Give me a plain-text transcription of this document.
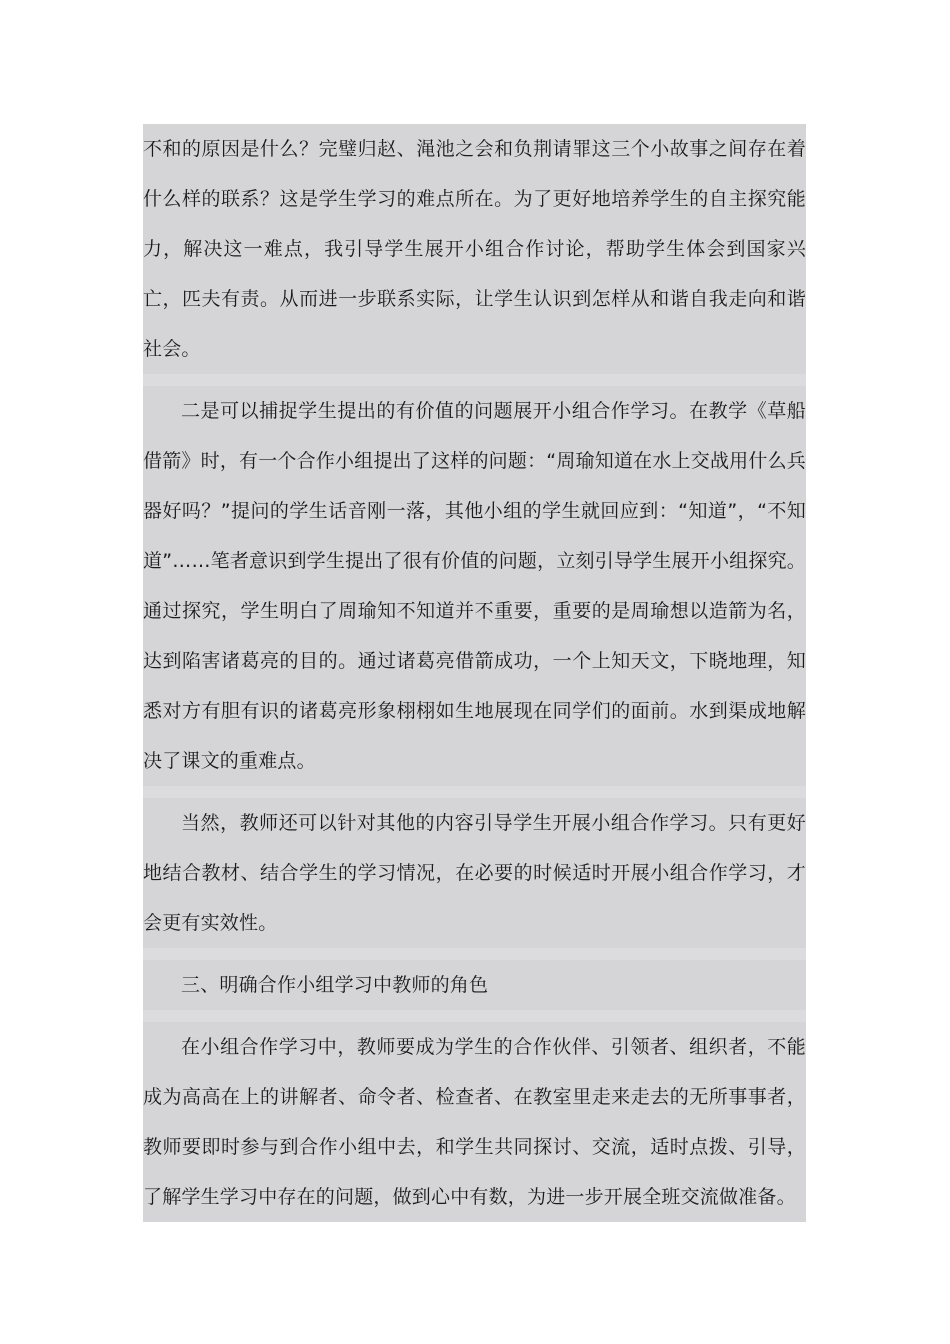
不和的原因是什么？完璧归赵、渑池之会和负荆请罪这三个小故事之间存在着什么样的联系？这是学生学习的难点所在。为了更好地培养学生的自主探究能力，解决这一难点，我引导学生展开小组合作讨论，帮助学生体会到国家兴亡，匹夫有责。从而进一步联系实际，让学生认识到怎样从和谐自我走向和谐社会。

二是可以捕捉学生提出的有价值的问题展开小组合作学习。在教学《草船借箭》时，有一个合作小组提出了这样的问题：“周瑜知道在水上交战用什么兵器好吗？”提问的学生话音刚一落，其他小组的学生就回应到：“知道”，“不知道”……笔者意识到学生提出了很有价值的问题，立刻引导学生展开小组探究。通过探究，学生明白了周瑜知不知道并不重要，重要的是周瑜想以造箭为名，达到陷害诸葛亮的目的。通过诸葛亮借箭成功，一个上知天文，下晓地理，知悉对方有胆有识的诸葛亮形象栩栩如生地展现在同学们的面前。水到渠成地解决了课文的重难点。

当然，教师还可以针对其他的内容引导学生开展小组合作学习。只有更好地结合教材、结合学生的学习情况，在必要的时候适时开展小组合作学习，才会更有实效性。

三、明确合作小组学习中教师的角色

在小组合作学习中，教师要成为学生的合作伙伴、引领者、组织者，不能成为高高在上的讲解者、命令者、检查者、在教室里走来走去的无所事事者，教师要即时参与到合作小组中去，和学生共同探讨、交流，适时点拨、引导，了解学生学习中存在的问题，做到心中有数，为进一步开展全班交流做准备。
